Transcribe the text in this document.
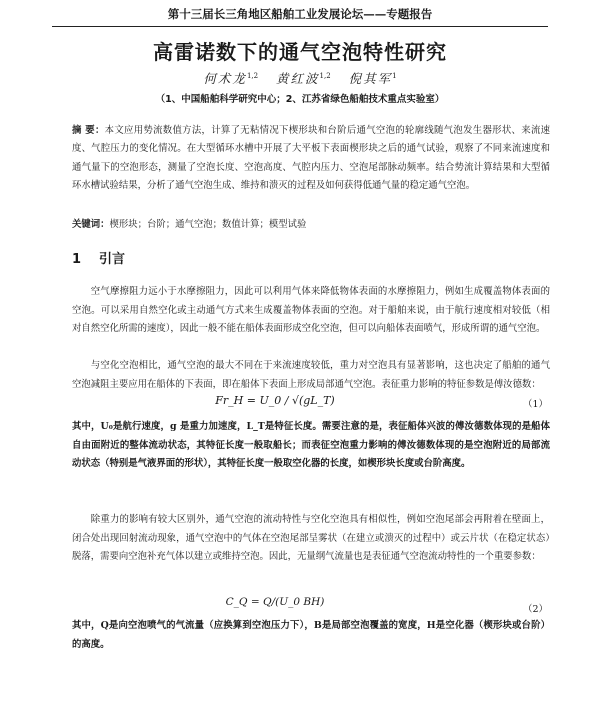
第十三届长三角地区船舶工业发展论坛——专题报告
高雷诺数下的通气空泡特性研究
何术龙$^{1,2}$ 黄红波$^{1,2}$ 倪其军$^1$
（1、中国船舶科学研究中心；2、江苏省绿色船舶技术重点实验室）

摘 要：本文应用势流数值方法，计算了无粘情况下楔形块和台阶后通气空泡的轮廓线随气泡发生器形状、来流速度、气腔压力的变化情况。在大型循环水槽中开展了大平板下表面楔形块之后的通气试验，观察了不同来流速度和通气量下的空泡形态，测量了空泡长度、空泡高度、气腔内压力、空泡尾部脉动频率。结合势流计算结果和大型循环水槽试验结果，分析了通气空泡生成、维持和溃灭的过程及如何获得低通气量的稳定通气空泡。

关键词：楔形块；台阶；通气空泡；数值计算；模型试验

1 引言

空气摩擦阻力远小于水摩擦阻力，因此可以利用气体来降低物体表面的水摩擦阻力，例如生成覆盖物体表面的空泡。可以采用自然空化或主动通气方式来生成覆盖物体表面的空泡。对于船舶来说，由于航行速度相对较低（相对自然空化所需的速度），因此一般不能在船体表面形成空化空泡，但可以向船体表面喷气，形成所谓的通气空泡。

与空化空泡相比，通气空泡的最大不同在于来流速度较低，重力对空泡具有显著影响，这也决定了船舶的通气空泡减阻主要应用在船体的下表面，即在船体下表面上形成局部通气空泡。表征重力影响的特征参数是傅汝德数：

Fr_H = U_0 / √(gL_T)	（1）

其中，U₀是航行速度，g 是重力加速度，L_T是特征长度。需要注意的是，表征船体兴波的傅汝德数体现的是船体自由面附近的整体流动状态，其特征长度一般取船长；而表征空泡重力影响的傅汝德数体现的是空泡附近的局部流动状态（特别是气液界面的形状），其特征长度一般取空化器的长度，如楔形块长度或台阶高度。

除重力的影响有较大区别外，通气空泡的流动特性与空化空泡具有相似性，例如空泡尾部会再附着在壁面上，闭合处出现回射流动现象，通气空泡中的气体在空泡尾部呈雾状（在建立或溃灭的过程中）或云片状（在稳定状态）脱落，需要向空泡补充气体以建立或维持空泡。因此，无量纲气流量也是表征通气空泡流动特性的一个重要参数：

C_Q = Q/(U_0 BH)
（2）

其中，Q是向空泡喷气的气流量（应换算到空泡压力下），B是局部空泡覆盖的宽度，H是空化器（楔形块或台阶）的高度。
